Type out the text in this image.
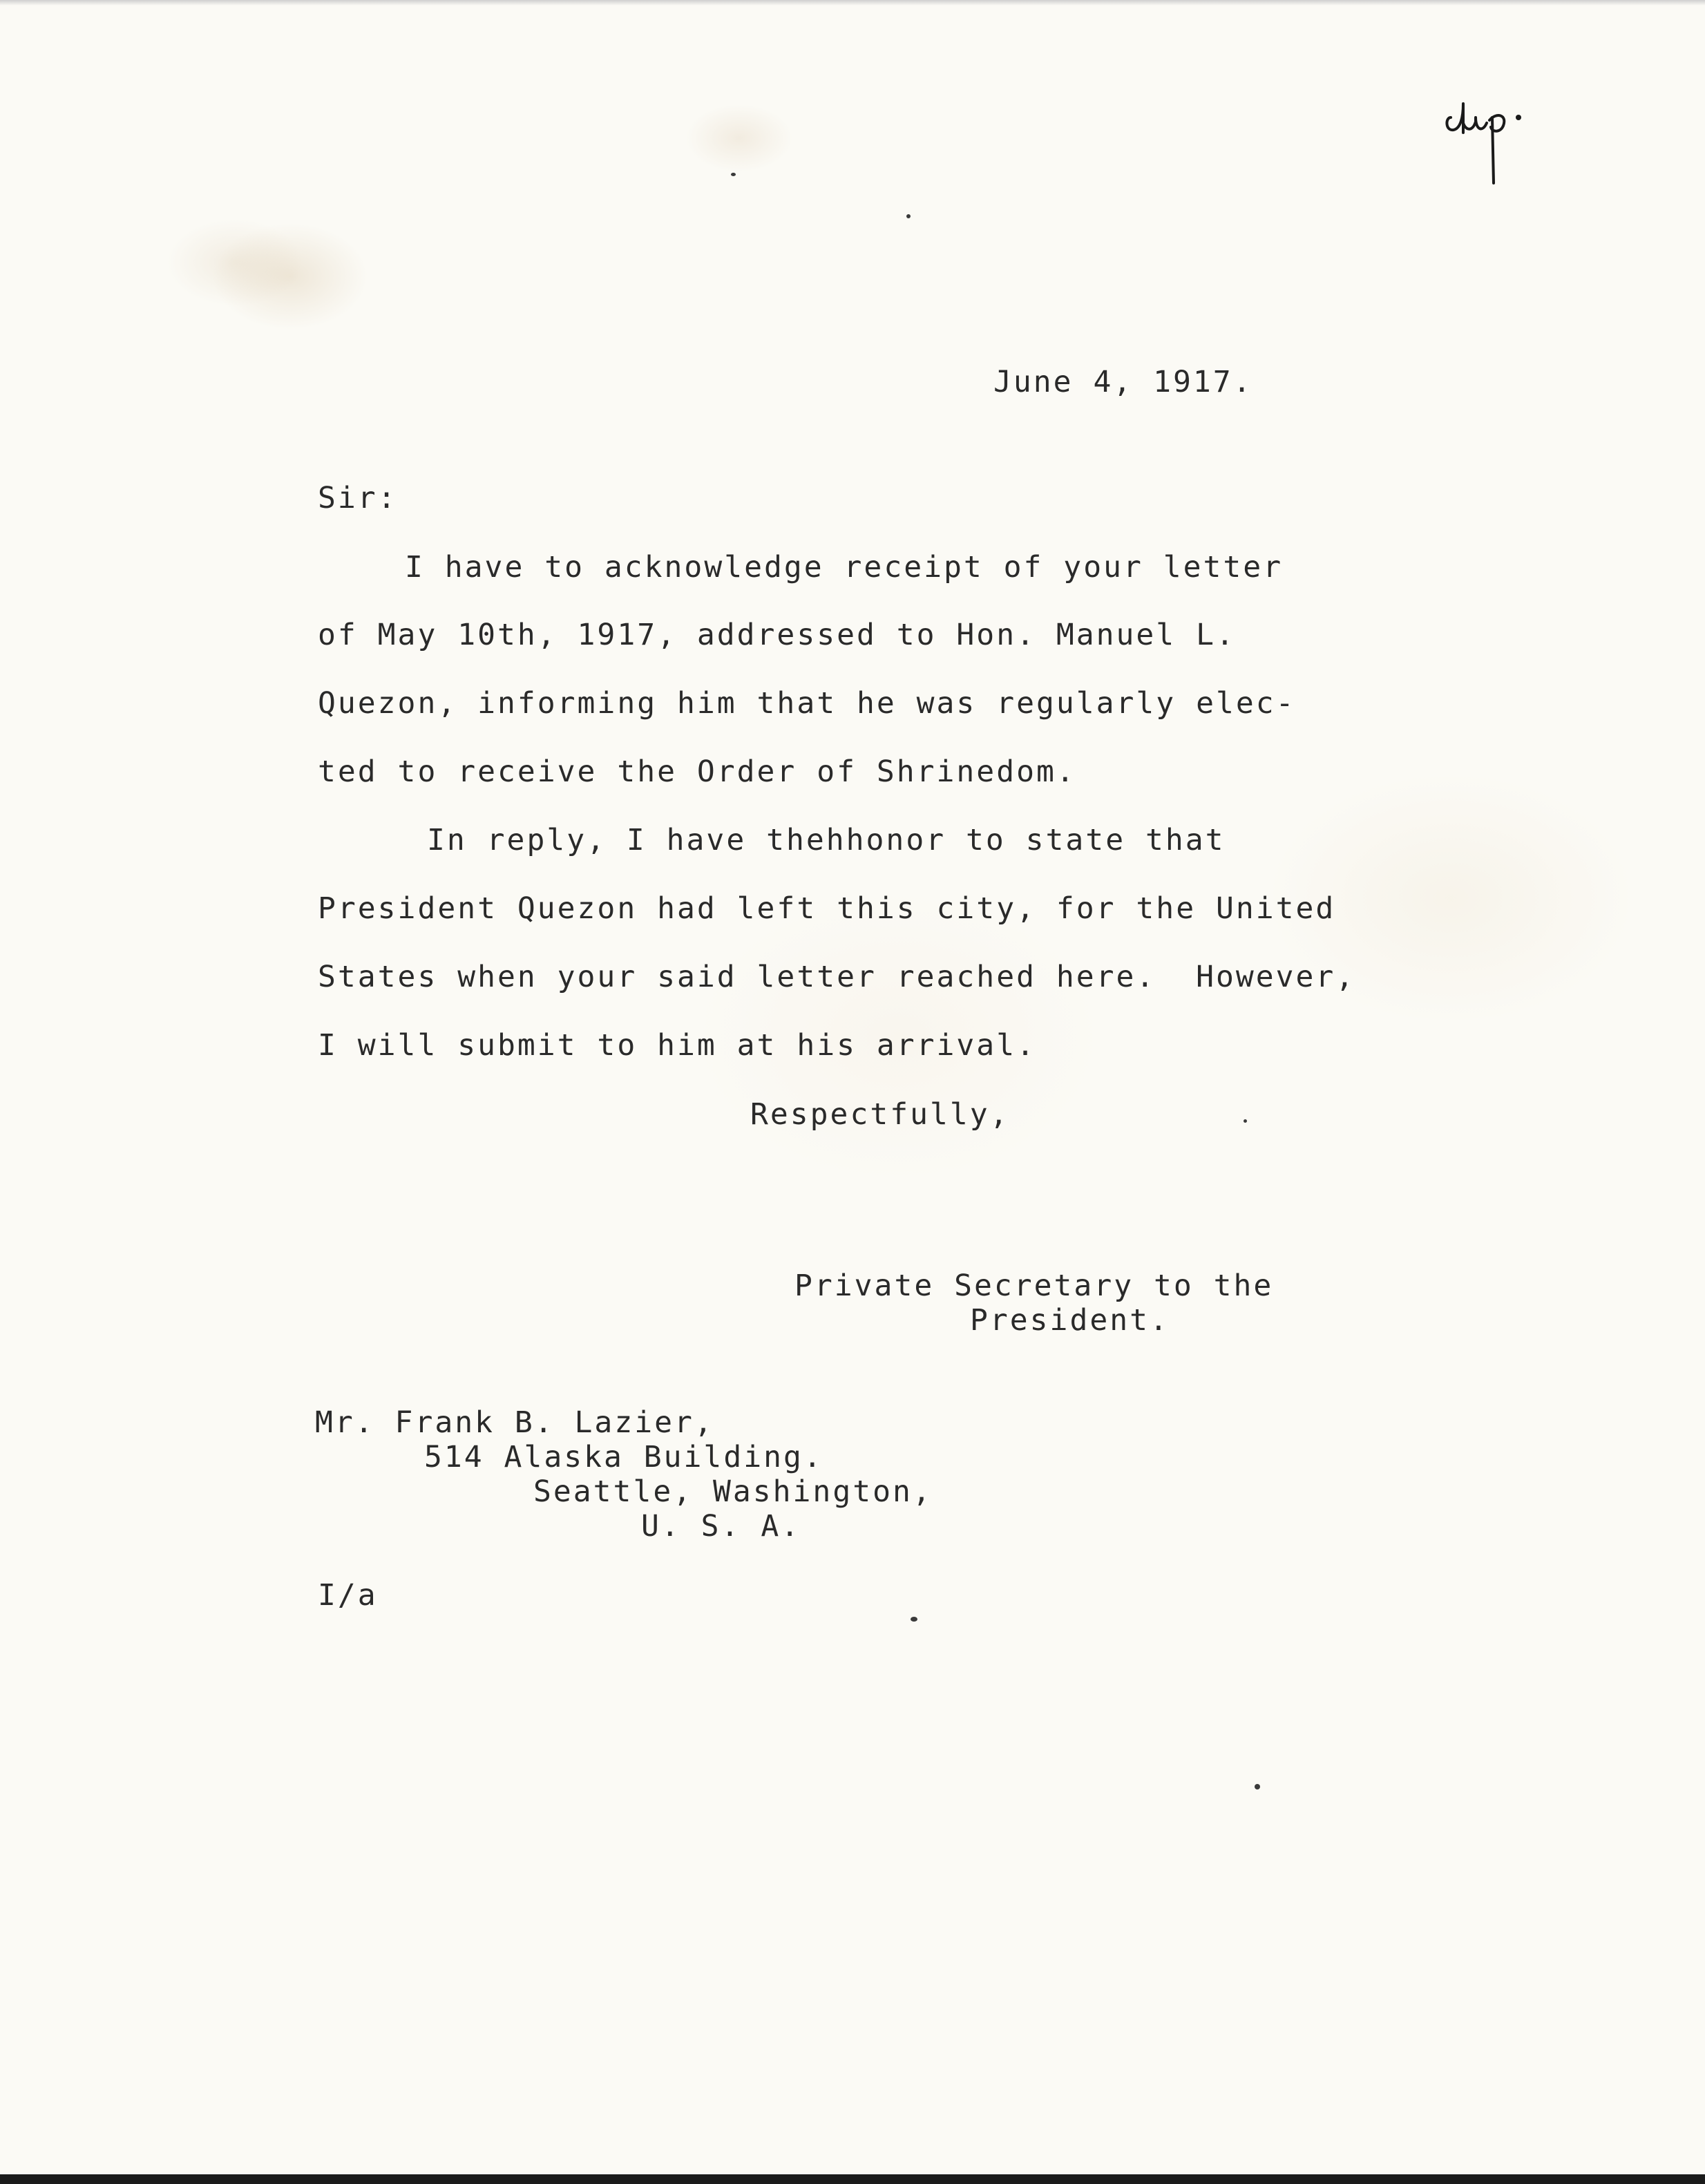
June 4, 1917.

Sir:

I have to acknowledge receipt of your letter

of May 10th, 1917, addressed to Hon. Manuel L.

Quezon, informing him that he was regularly elec-

ted to receive the Order of Shrinedom.

In reply, I have thehhonor to state that

President Quezon had left this city, for the United

States when your said letter reached here.  However,

I will submit to him at his arrival.

Respectfully,

Private Secretary to the

President.

Mr. Frank B. Lazier,

514 Alaska Building.

Seattle, Washington,

U. S. A.

I/a
